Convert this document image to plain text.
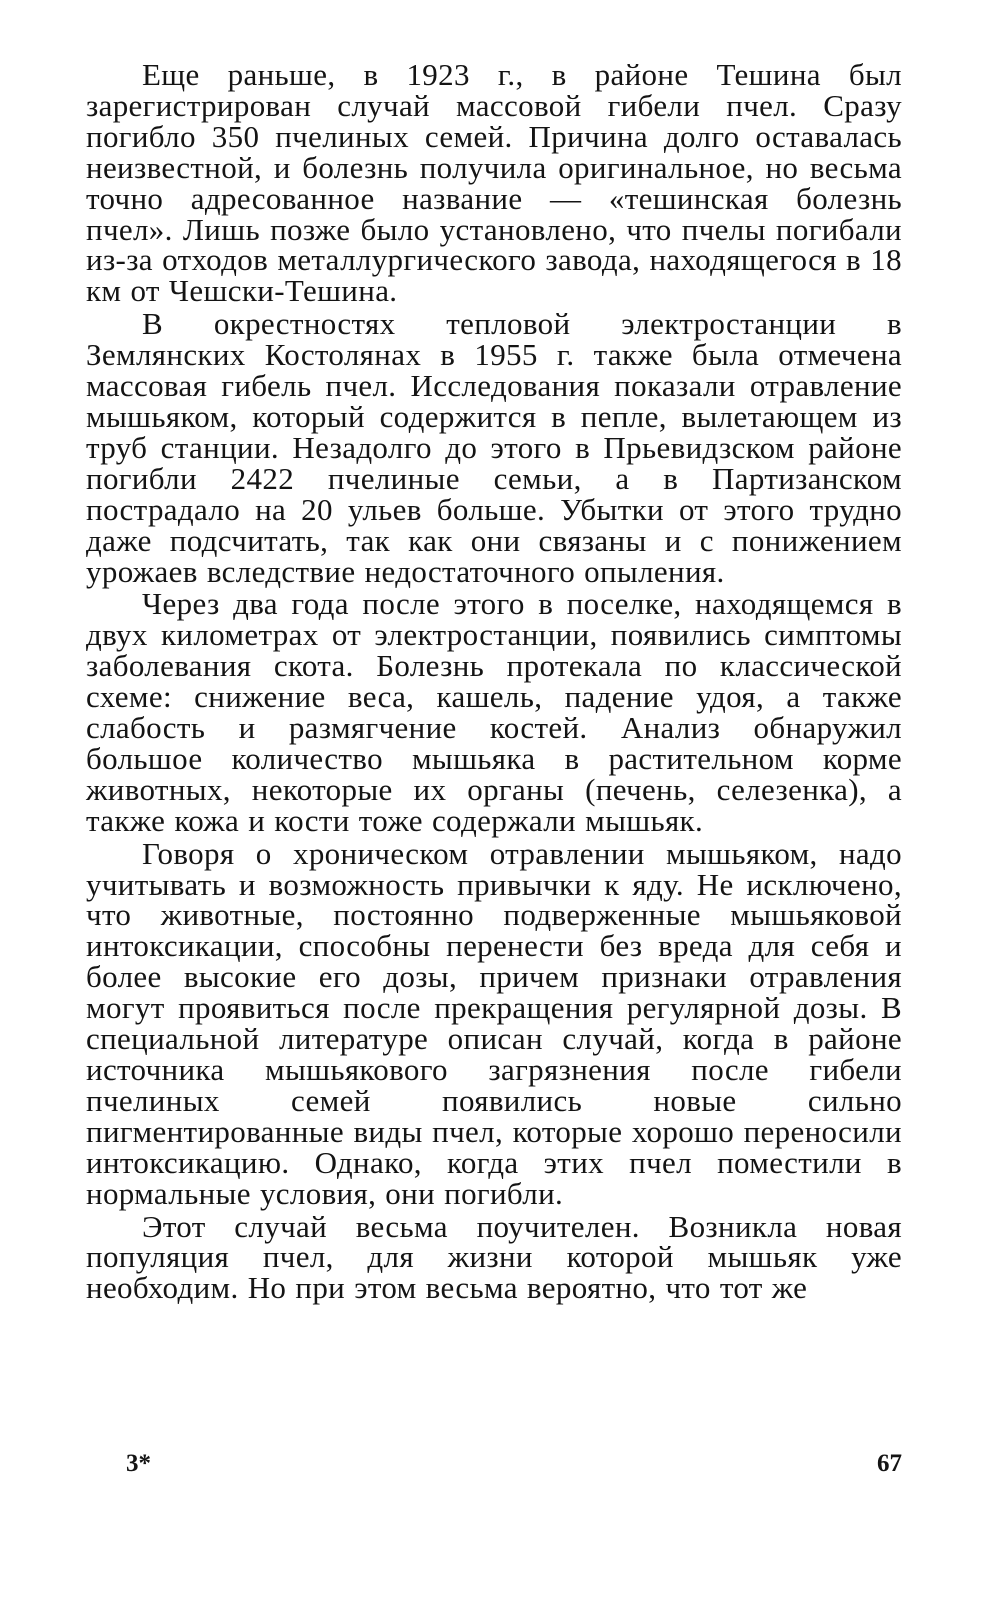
Еще раньше, в 1923 г., в районе Тешина был зарегистрирован случай массовой гибели пчел. Сразу погибло 350 пчелиных семей. Причина долго оставалась неизвестной, и болезнь получила оригинальное, но весьма точно адресованное название — «тешинская болезнь пчел». Лишь позже было установлено, что пчелы погибали из-за отходов металлургического завода, находящегося в 18 км от Чешски-Тешина.

В окрестностях тепловой электростанции в Землянских Костолянах в 1955 г. также была отмечена массовая гибель пчел. Исследования показали отравление мышьяком, который содержится в пепле, вылетающем из труб станции. Незадолго до этого в Прьевидзском районе погибли 2422 пчелиные семьи, а в Партизанском пострадало на 20 ульев больше. Убытки от этого трудно даже подсчитать, так как они связаны и с понижением урожаев вследствие недостаточного опыления.

Через два года после этого в поселке, находящемся в двух километрах от электростанции, появились симптомы заболевания скота. Болезнь протекала по классической схеме: снижение веса, кашель, падение удоя, а также слабость и размягчение костей. Анализ обнаружил большое количество мышьяка в растительном корме животных, некоторые их органы (печень, селезенка), а также кожа и кости тоже содержали мышьяк.

Говоря о хроническом отравлении мышьяком, надо учитывать и возможность привычки к яду. Не исключено, что животные, постоянно подверженные мышьяковой интоксикации, способны перенести без вреда для себя и более высокие его дозы, причем признаки отравления могут проявиться после прекращения регулярной дозы. В специальной литературе описан случай, когда в районе источника мышьякового загрязнения после гибели пчелиных семей появились новые сильно пигментированные виды пчел, которые хорошо переносили интоксикацию. Однако, когда этих пчел поместили в нормальные условия, они погибли.

Этот случай весьма поучителен. Возникла новая популяция пчел, для жизни которой мышьяк уже необходим. Но при этом весьма вероятно, что тот же

3*	67
